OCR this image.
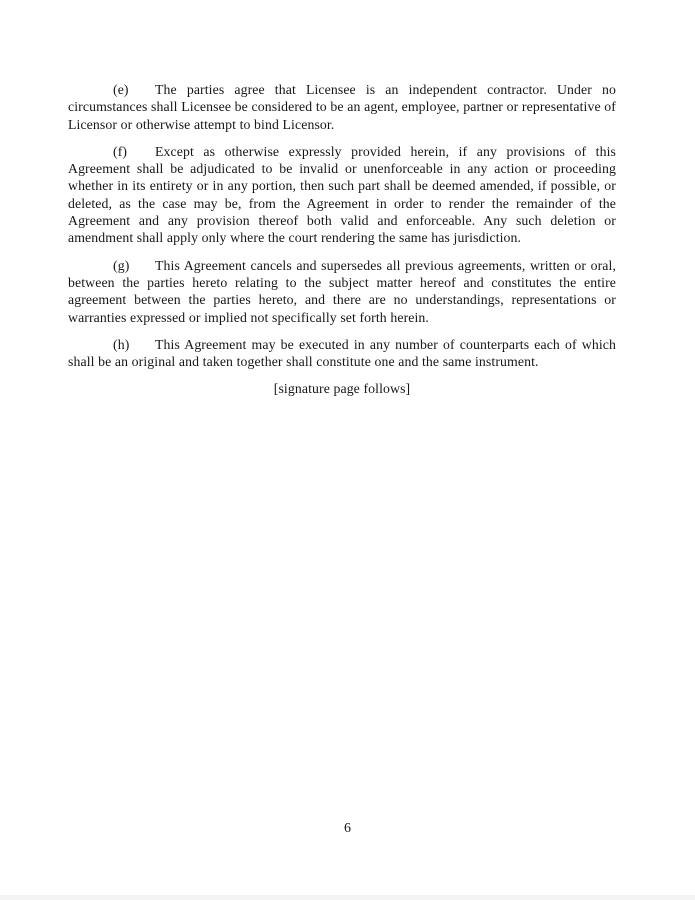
(e) The parties agree that Licensee is an independent contractor. Under no circumstances shall Licensee be considered to be an agent, employee, partner or representative of Licensor or otherwise attempt to bind Licensor.

(f) Except as otherwise expressly provided herein, if any provisions of this Agreement shall be adjudicated to be invalid or unenforceable in any action or proceeding whether in its entirety or in any portion, then such part shall be deemed amended, if possible, or deleted, as the case may be, from the Agreement in order to render the remainder of the Agreement and any provision thereof both valid and enforceable. Any such deletion or amendment shall apply only where the court rendering the same has jurisdiction.

(g) This Agreement cancels and supersedes all previous agreements, written or oral, between the parties hereto relating to the subject matter hereof and constitutes the entire agreement between the parties hereto, and there are no understandings, representations or warranties expressed or implied not specifically set forth herein.

(h) This Agreement may be executed in any number of counterparts each of which shall be an original and taken together shall constitute one and the same instrument.

[signature page follows]
6
